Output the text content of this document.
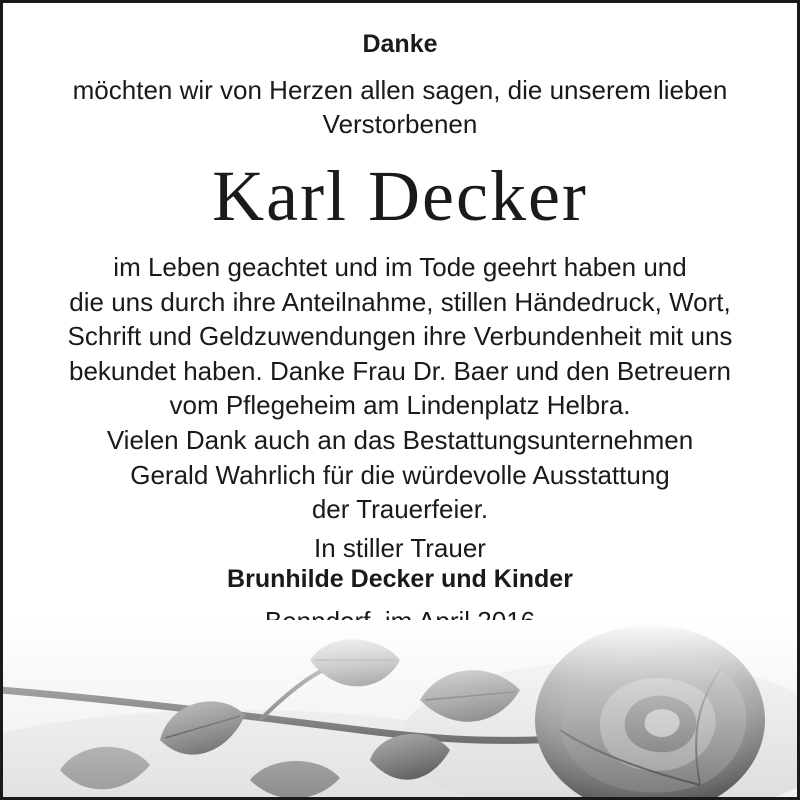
Danke
möchten wir von Herzen allen sagen, die unserem lieben
Verstorbenen
Karl Decker
im Leben geachtet und im Tode geehrt haben und
die uns durch ihre Anteilnahme, stillen Händedruck, Wort,
Schrift und Geldzuwendungen ihre Verbundenheit mit uns
bekundet haben. Danke Frau Dr. Baer und den Betreuern
vom Pflegeheim am Lindenplatz Helbra.
Vielen Dank auch an das Bestattungsunternehmen
Gerald Wahrlich für die würdevolle Ausstattung
der Trauerfeier.
In stiller Trauer
Brunhilde Decker und Kinder
